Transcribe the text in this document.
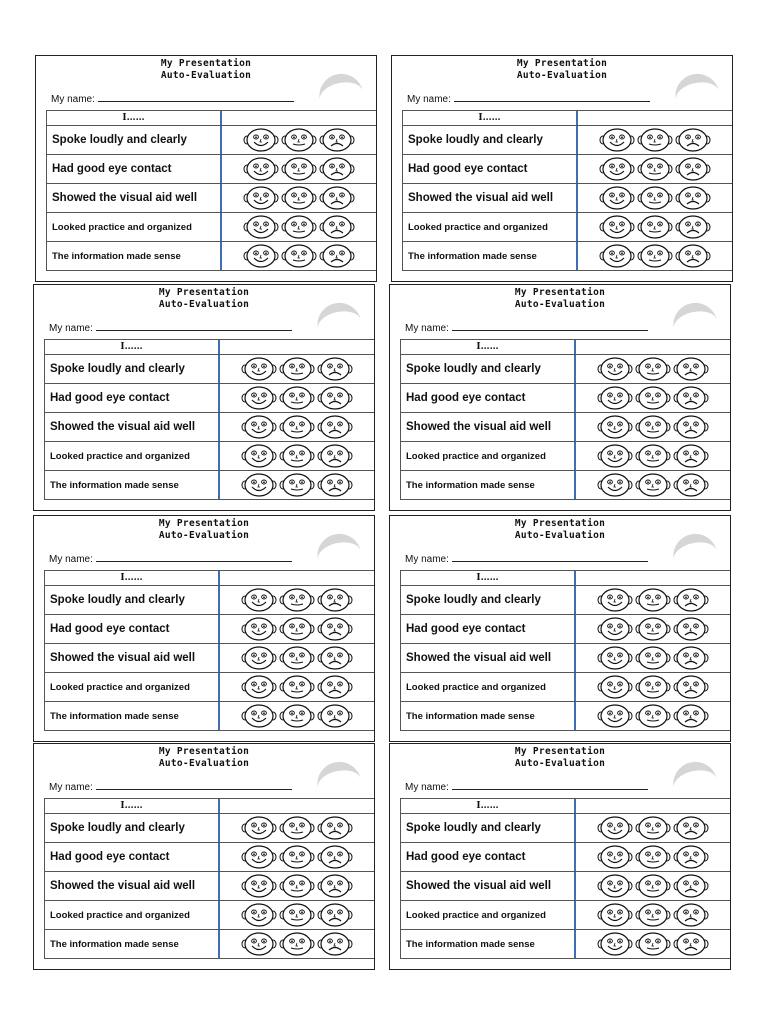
My Presentation
Auto-Evaluation
My name:
I……
Spoke loudly and clearly
Had good eye contact
Showed the visual aid well
Looked practice and organized
The information made sense
My Presentation
Auto-Evaluation
My name:
I……
Spoke loudly and clearly
Had good eye contact
Showed the visual aid well
Looked practice and organized
The information made sense
My Presentation
Auto-Evaluation
My name:
I……
Spoke loudly and clearly
Had good eye contact
Showed the visual aid well
Looked practice and organized
The information made sense
My Presentation
Auto-Evaluation
My name:
I……
Spoke loudly and clearly
Had good eye contact
Showed the visual aid well
Looked practice and organized
The information made sense
My Presentation
Auto-Evaluation
My name:
I……
Spoke loudly and clearly
Had good eye contact
Showed the visual aid well
Looked practice and organized
The information made sense
My Presentation
Auto-Evaluation
My name:
I……
Spoke loudly and clearly
Had good eye contact
Showed the visual aid well
Looked practice and organized
The information made sense
My Presentation
Auto-Evaluation
My name:
I……
Spoke loudly and clearly
Had good eye contact
Showed the visual aid well
Looked practice and organized
The information made sense
My Presentation
Auto-Evaluation
My name:
I……
Spoke loudly and clearly
Had good eye contact
Showed the visual aid well
Looked practice and organized
The information made sense
